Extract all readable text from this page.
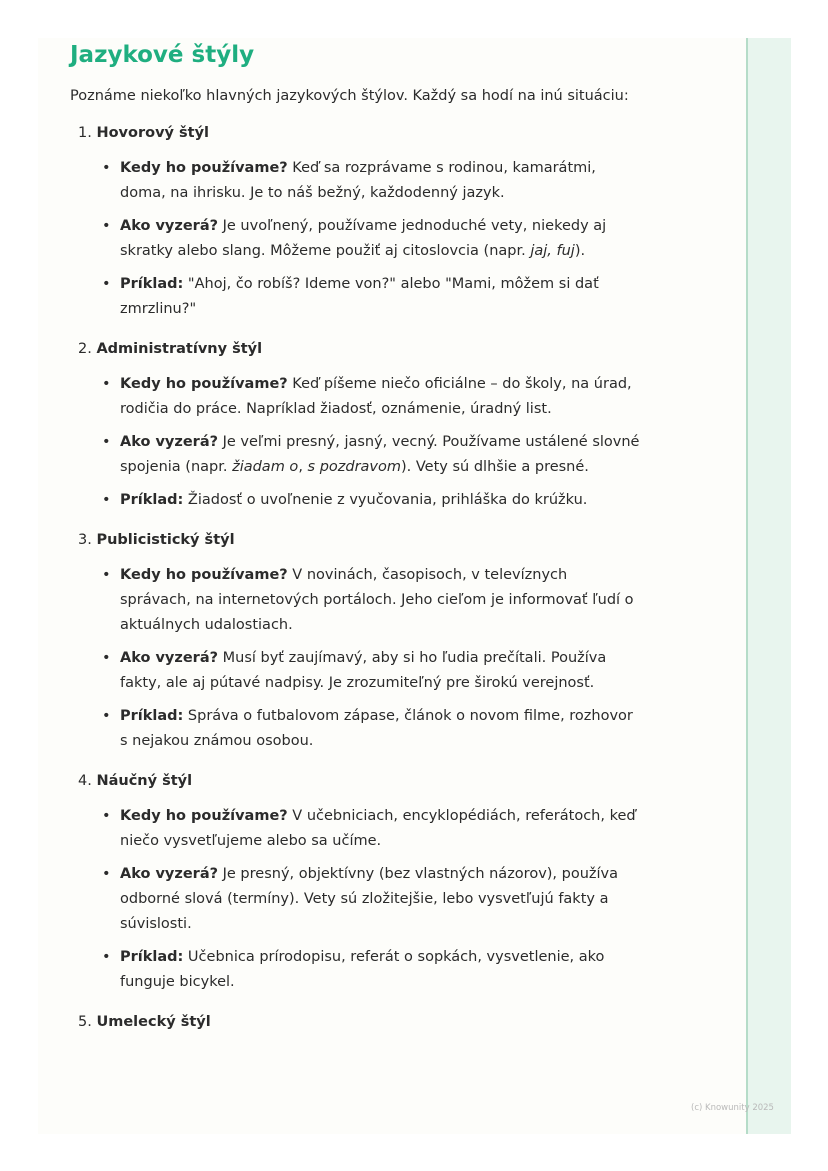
Jazykové štýly

Poznáme niekoľko hlavných jazykových štýlov. Každý sa hodí na inú situáciu:

1. Hovorový štýl
• Kedy ho používame? Keď sa rozprávame s rodinou, kamarátmi, doma, na ihrisku. Je to náš bežný, každodenný jazyk.
• Ako vyzerá? Je uvoľnený, používame jednoduché vety, niekedy aj skratky alebo slang. Môžeme použiť aj citoslovcia (napr. jaj, fuj).
• Príklad: "Ahoj, čo robíš? Ideme von?" alebo "Mami, môžem si dať zmrzlinu?"
2. Administratívny štýl
• Kedy ho používame? Keď píšeme niečo oficiálne – do školy, na úrad, rodičia do práce. Napríklad žiadosť, oznámenie, úradný list.
• Ako vyzerá? Je veľmi presný, jasný, vecný. Používame ustálené slovné spojenia (napr. žiadam o, s pozdravom). Vety sú dlhšie a presné.
• Príklad: Žiadosť o uvoľnenie z vyučovania, prihláška do krúžku.
3. Publicistický štýl
• Kedy ho používame? V novinách, časopisoch, v televíznych správach, na internetových portáloch. Jeho cieľom je informovať ľudí o aktuálnych udalostiach.
• Ako vyzerá? Musí byť zaujímavý, aby si ho ľudia prečítali. Používa fakty, ale aj pútavé nadpisy. Je zrozumiteľný pre širokú verejnosť.
• Príklad: Správa o futbalovom zápase, článok o novom filme, rozhovor s nejakou známou osobou.
4. Náučný štýl
• Kedy ho používame? V učebniciach, encyklopédiách, referátoch, keď niečo vysvetľujeme alebo sa učíme.
• Ako vyzerá? Je presný, objektívny (bez vlastných názorov), používa odborné slová (termíny). Vety sú zložitejšie, lebo vysvetľujú fakty a súvislosti.
• Príklad: Učebnica prírodopisu, referát o sopkách, vysvetlenie, ako funguje bicykel.
5. Umelecký štýl
(c) Knowunity 2025
